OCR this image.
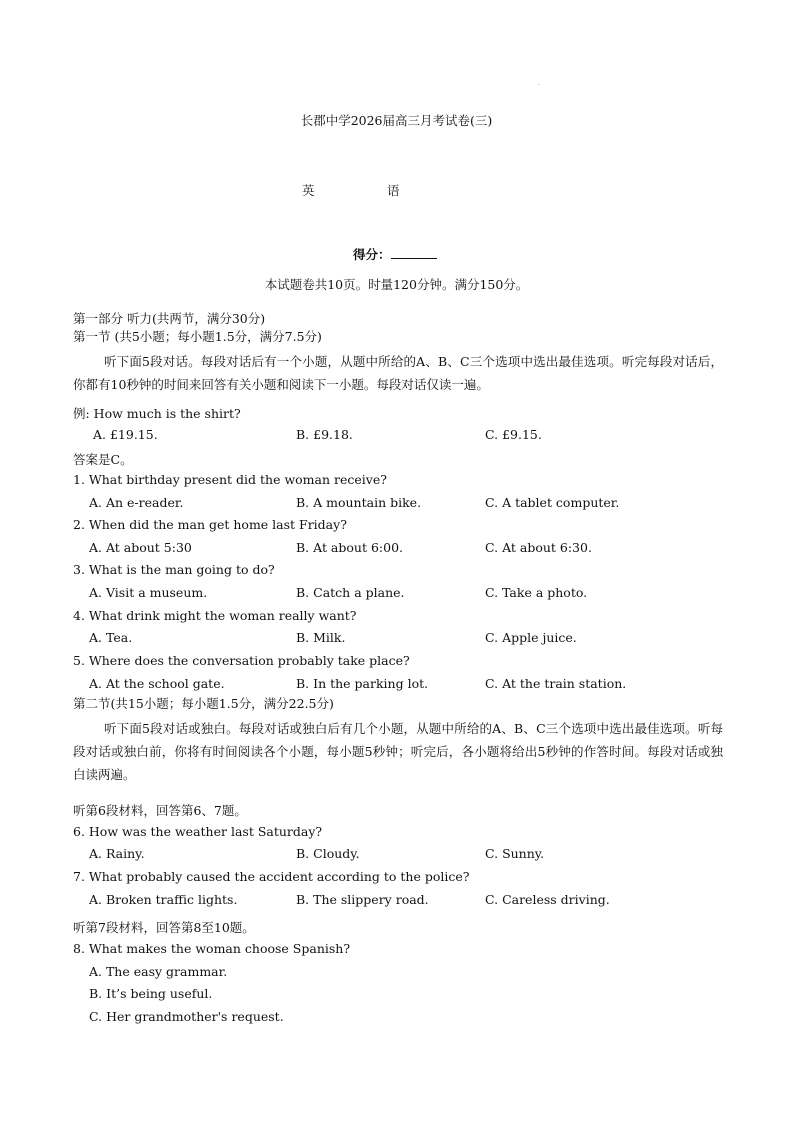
长郡中学2026届高三月考试卷(三)
英	语
得分：
本试题卷共10页。时量120分钟。满分150分。
第一部分 听力(共两节，满分30分)
第一节 (共5小题；每小题1.5分，满分7.5分)
听下面5段对话。每段对话后有一个小题，从题中所给的A、B、C三个选项中选出最佳选项。听完每段对话后，你都有10秒钟的时间来回答有关小题和阅读下一小题。每段对话仅读一遍。
例: How much is the shirt?
A. £19.15.	B. £9.18.	C. £9.15.
答案是C。
1. What birthday present did the woman receive?
A. An e-reader.	B. A mountain bike.	C. A tablet computer.
2. When did the man get home last Friday?
A. At about 5:30	B. At about 6:00.	C. At about 6:30.
3. What is the man going to do?
A. Visit a museum.	B. Catch a plane.	C. Take a photo.
4. What drink might the woman really want?
A. Tea.	B. Milk.	C. Apple juice.
5. Where does the conversation probably take place?
A. At the school gate.	B. In the parking lot.	C. At the train station.
第二节(共15小题；每小题1.5分，满分22.5分)
听下面5段对话或独白。每段对话或独白后有几个小题，从题中所给的A、B、C三个选项中选出最佳选项。听每段对话或独白前，你将有时间阅读各个小题，每小题5秒钟；听完后，各小题将给出5秒钟的作答时间。每段对话或独白读两遍。
听第6段材料，回答第6、7题。
6. How was the weather last Saturday?
A. Rainy.	B. Cloudy.	C. Sunny.
7. What probably caused the accident according to the police?
A. Broken traffic lights.	B. The slippery road.	C. Careless driving.
听第7段材料，回答第8至10题。
8. What makes the woman choose Spanish?
A. The easy grammar.
B. It’s being useful.
C. Her grandmother's request.
